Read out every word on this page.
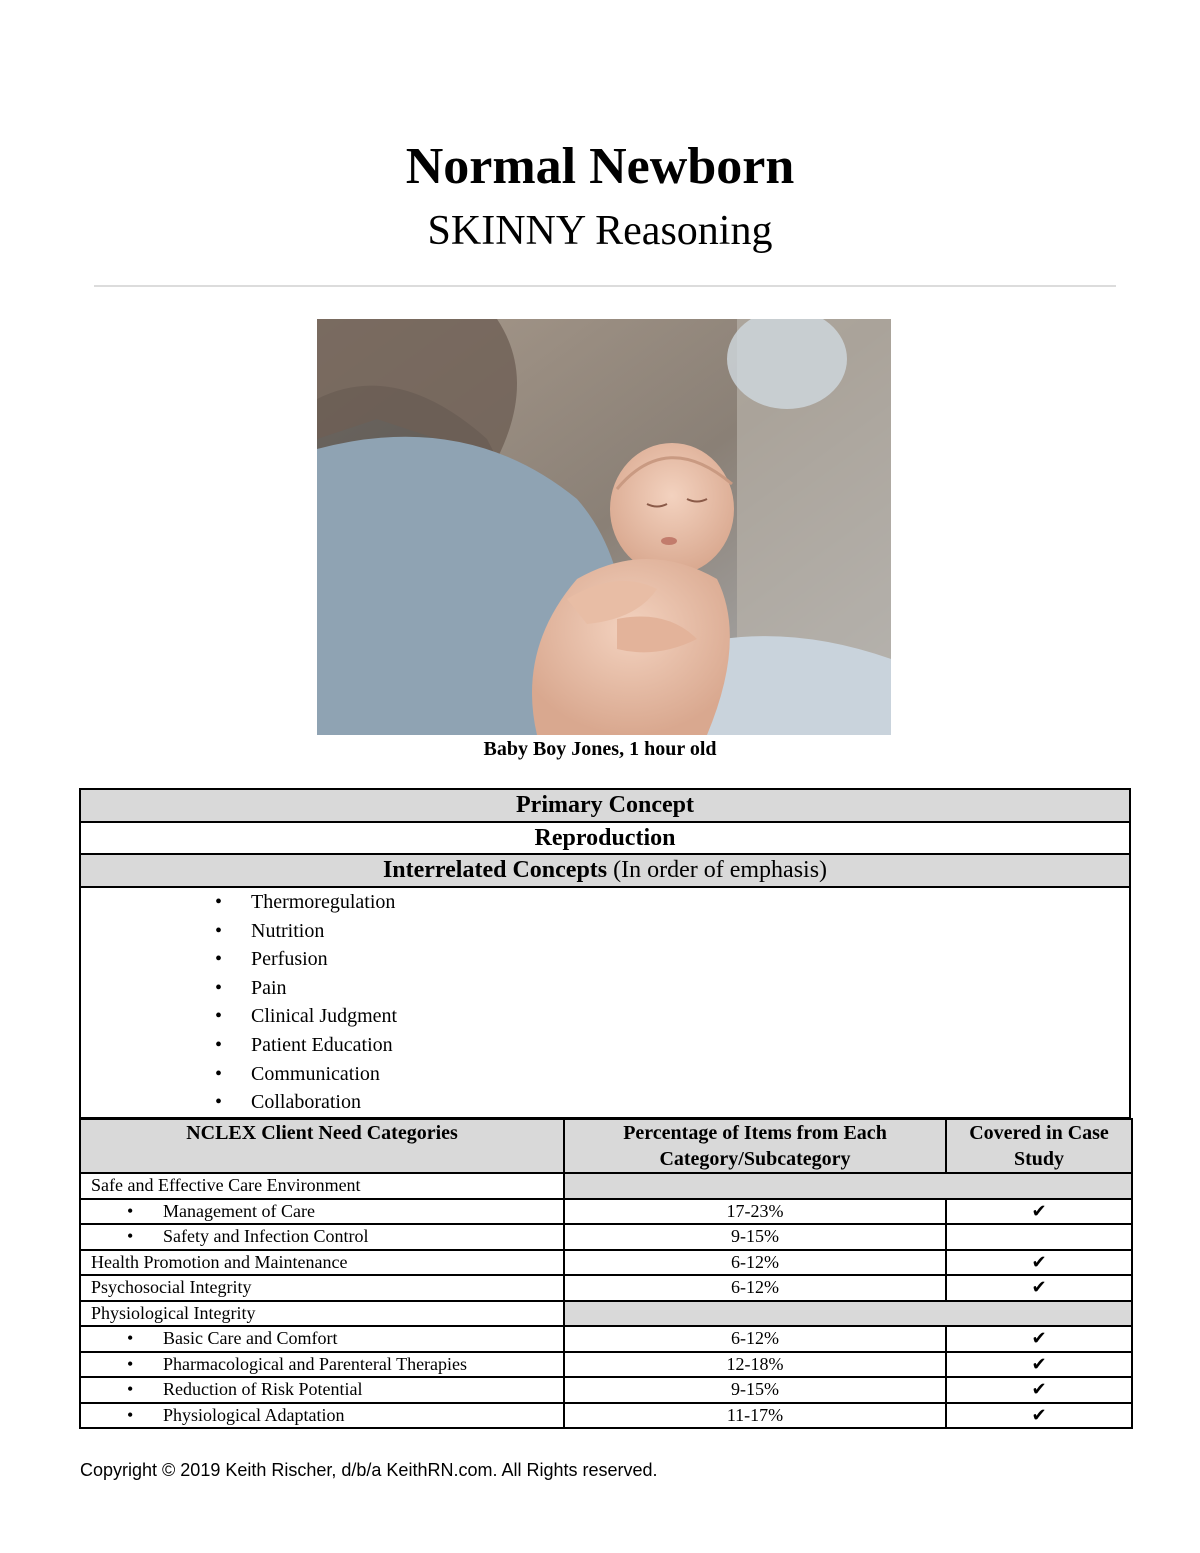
Normal Newborn
SKINNY Reasoning
Baby Boy Jones, 1 hour old
Primary Concept
Reproduction
Interrelated Concepts (In order of emphasis)

• Thermoregulation
• Nutrition
• Perfusion
• Pain
• Clinical Judgment
• Patient Education
• Communication
• Collaboration
NCLEX Client Need Categories	Percentage of Items from Each Category/Subcategory	Covered in Case Study
Safe and Effective Care Environment		
• Management of Care	17-23%	✔
• Safety and Infection Control	9-15%	
Health Promotion and Maintenance	6-12%	✔
Psychosocial Integrity	6-12%	✔
Physiological Integrity		
• Basic Care and Comfort	6-12%	✔
• Pharmacological and Parenteral Therapies	12-18%	✔
• Reduction of Risk Potential	9-15%	✔
• Physiological Adaptation	11-17%	✔
Copyright © 2019 Keith Rischer, d/b/a KeithRN.com. All Rights reserved.
